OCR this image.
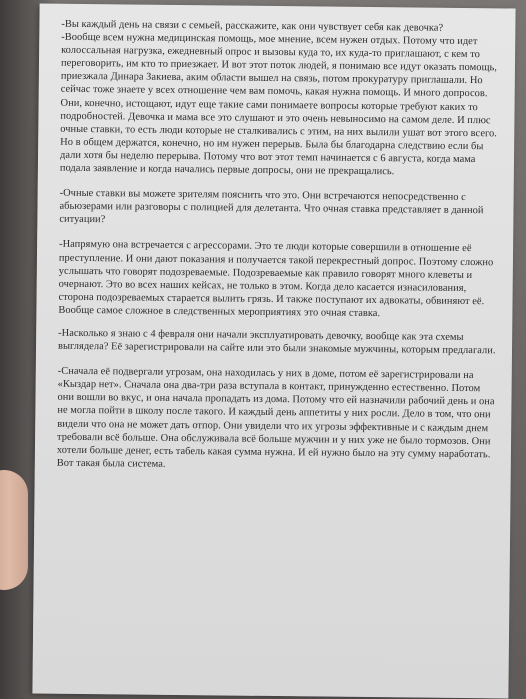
-Вы каждый день на связи с семьей, расскажите, как они чувствует себя как девочка?

-Вообще всем нужна медицинская помощь, мое мнение, всем нужен отдых. Потому что идет колоссальная нагрузка, ежедневный опрос и вызовы куда то, их куда-то приглашают, с кем то переговорить, им кто то приезжает. И вот этот поток людей, я понимаю все идут оказать помощь, приезжала Динара Закиева, аким области вышел на связь, потом прокуратуру приглашали. Но сейчас тоже знаете у всех отношение чем вам помочь, какая нужна помощь. И много допросов. Они, конечно, истощают, идут еще такие сами понимаете вопросы которые требуют каких то подробностей. Девочка и мама все это слушают и это очень невыносимо на самом деле. И плюс очные ставки, то есть люди которые не сталкивались с этим, на них вылили ушат вот этого всего. Но в общем держатся, конечно, но им нужен перерыв. Была бы благодарна следствию если бы дали хотя бы неделю перерыва. Потому что вот этот темп начинается с 6 августа, когда мама подала заявление и когда начались первые допросы, они не прекращались.

-Очные ставки вы можете зрителям пояснить что это. Они встречаются непосредственно с абьюзерами или разговоры с полицией для делетанта. Что очная ставка представляет в данной ситуации?

-Напрямую она встречается с агрессорами. Это те люди которые совершили в отношение её преступление. И они дают показания и получается такой перекрестный допрос. Поэтому сложно услышать что говорят подозреваемые. Подозреваемые как правило говорят много клеветы и очернают. Это во всех наших кейсах, не только в этом. Когда дело касается изнасилования, сторона подозреваемых старается вылить грязь. И также поступают их адвокаты, обвиняют её. Вообще самое сложное в следственных мероприятиях это очная ставка.

-Насколько я знаю с 4 февраля они начали эксплуатировать девочку, вообще как эта схемы выглядела? Её зарегистрировали на сайте или это были знакомые мужчины, которым предлагали.

-Сначала её подвергали угрозам, она находилась у них в доме, потом её зарегистрировали на «Кыздар нет». Сначала она два-три раза вступала в контакт, принужденно естественно. Потом они вошли во вкус, и она начала пропадать из дома. Потому что ей назначили рабочий день и она не могла пойти в школу после такого. И каждый день аппетиты у них росли. Дело в том, что они видели что она не может дать отпор. Они увидели что их угрозы эффективные и с каждым днем требовали всё больше. Она обслуживала всё больше мужчин и у них уже не было тормозов. Они хотели больше денег, есть табель какая сумма нужна. И ей нужно было на эту сумму наработать. Вот такая была система.
